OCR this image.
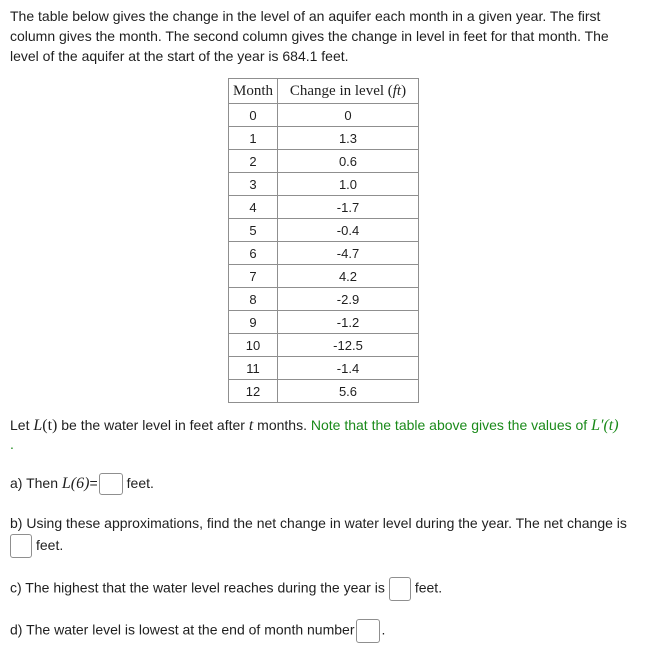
The table below gives the change in the level of an aquifer each month in a given year. The first column gives the month. The second column gives the change in level in feet for that month. The level of the aquifer at the start of the year is 684.1 feet.

Month	Change in level (ft)
0	0
1	1.3
2	0.6
3	1.0
4	-1.7
5	-0.4
6	-4.7
7	4.2
8	-2.9
9	-1.2
10	-12.5
11	-1.4
12	5.6

Let L(t) be the water level in feet after t months. Note that the table above gives the values of L′(t)

.

a) Then L(6)= feet.

b) Using these approximations, find the net change in water level during the year. The net change is
feet.

c) The highest that the water level reaches during the year is feet.

d) The water level is lowest at the end of month number .
